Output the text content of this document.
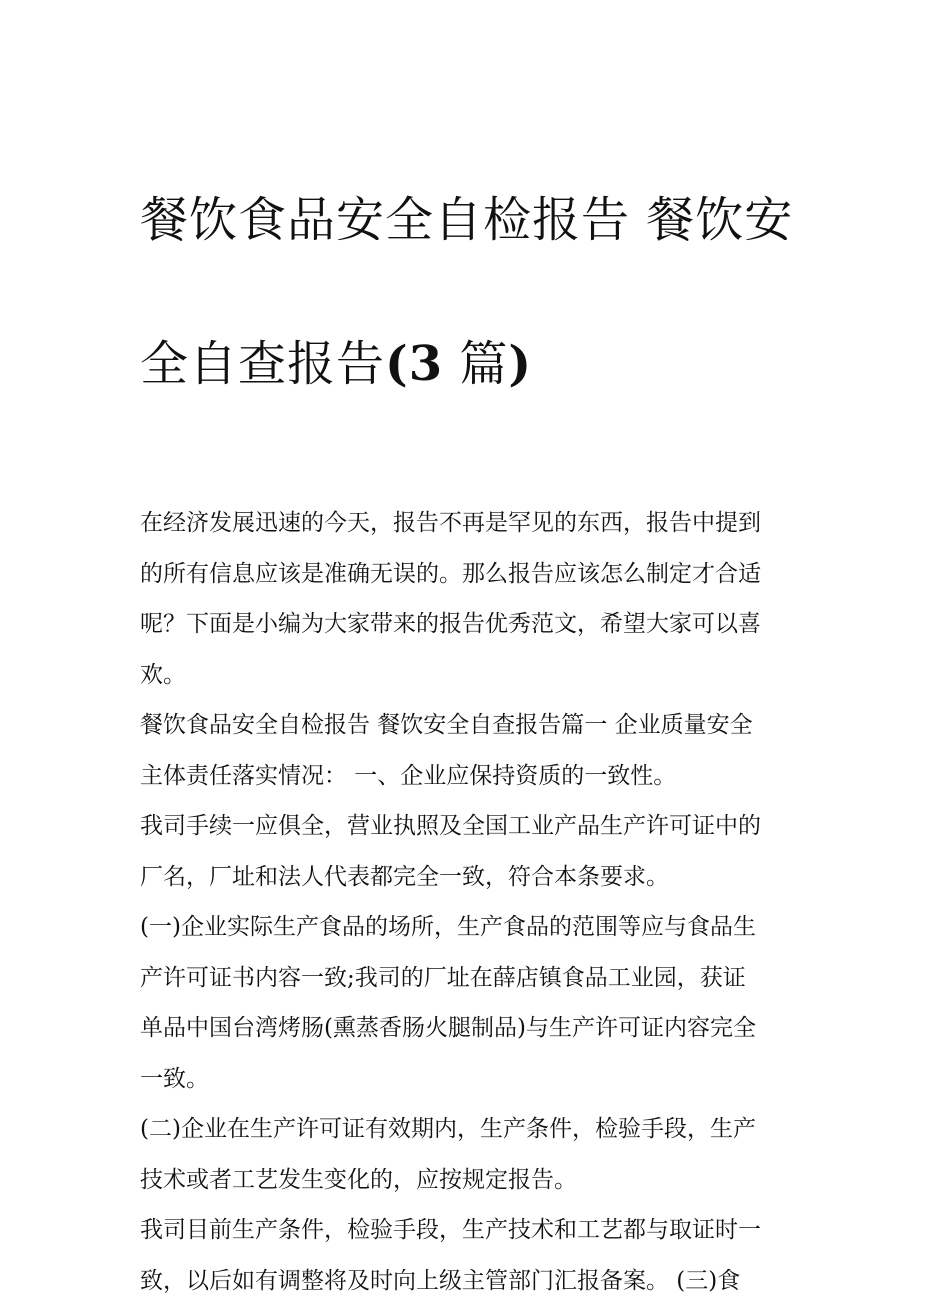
餐饮食品安全自检报告 餐饮安

全自查报告(3 篇)

在经济发展迅速的今天，报告不再是罕见的东西，报告中提到
的所有信息应该是准确无误的。那么报告应该怎么制定才合适
呢？下面是小编为大家带来的报告优秀范文，希望大家可以喜
欢。

餐饮食品安全自检报告 餐饮安全自查报告篇一 企业质量安全
主体责任落实情况： 一、企业应保持资质的一致性。

我司手续一应俱全，营业执照及全国工业产品生产许可证中的
厂名，厂址和法人代表都完全一致，符合本条要求。

(一)企业实际生产食品的场所，生产食品的范围等应与食品生
产许可证书内容一致;我司的厂址在薛店镇食品工业园，获证
单品中国台湾烤肠(熏蒸香肠火腿制品)与生产许可证内容完全
一致。

(二)企业在生产许可证有效期内，生产条件，检验手段，生产
技术或者工艺发生变化的，应按规定报告。

我司目前生产条件，检验手段，生产技术和工艺都与取证时一
致，以后如有调整将及时向上级主管部门汇报备案。 (三)食
